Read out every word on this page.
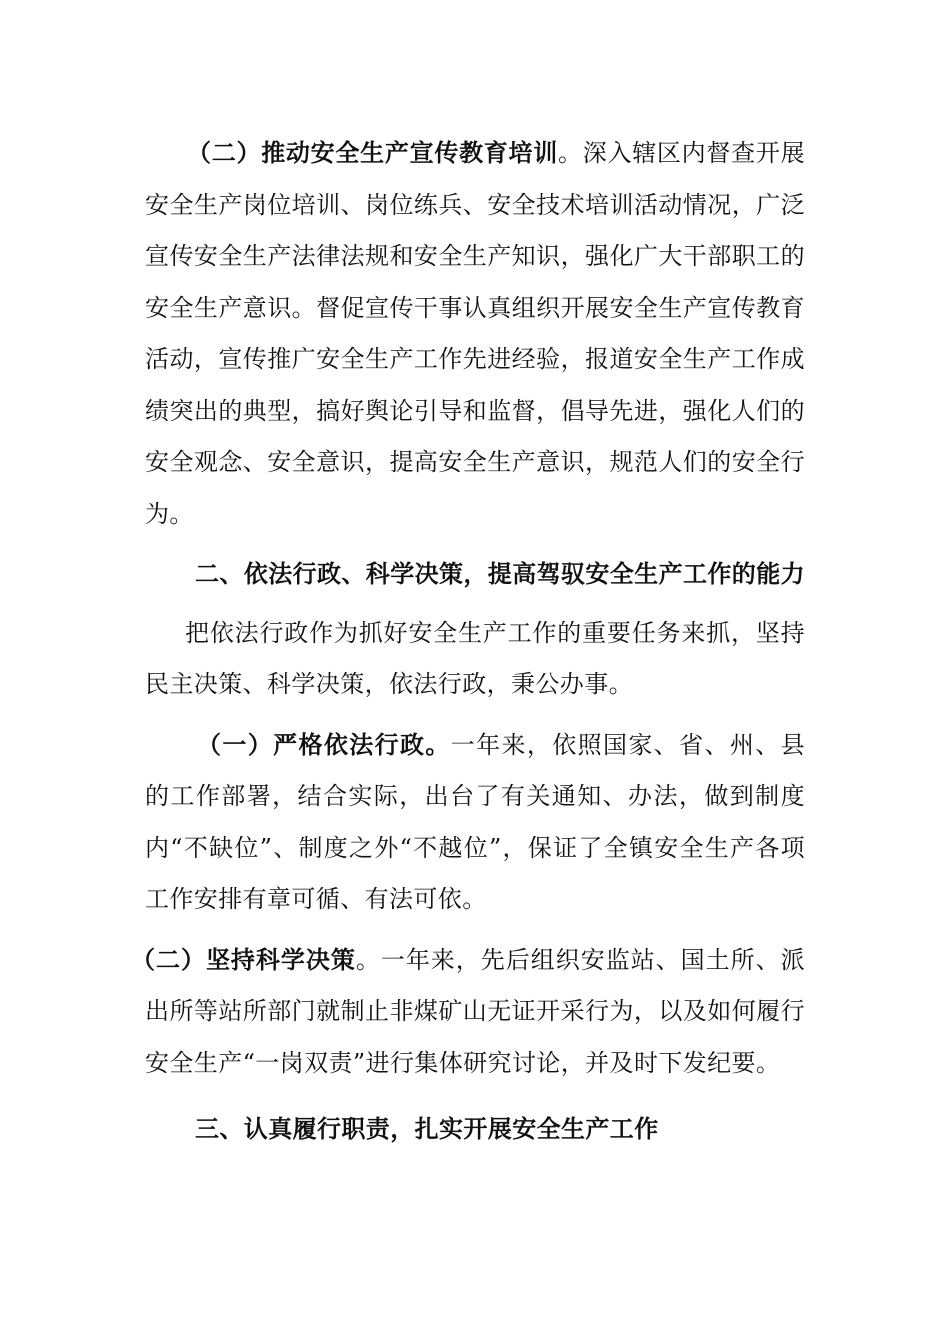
（二）推动安全生产宣传教育培训。深入辖区内督查开展安全生产岗位培训、岗位练兵、安全技术培训活动情况，广泛宣传安全生产法律法规和安全生产知识，强化广大干部职工的安全生产意识。督促宣传干事认真组织开展安全生产宣传教育活动，宣传推广安全生产工作先进经验，报道安全生产工作成绩突出的典型，搞好舆论引导和监督，倡导先进，强化人们的安全观念、安全意识，提高安全生产意识，规范人们的安全行为。

二、依法行政、科学决策，提高驾驭安全生产工作的能力

把依法行政作为抓好安全生产工作的重要任务来抓，坚持民主决策、科学决策，依法行政，秉公办事。

（一）严格依法行政。一年来，依照国家、省、州、县的工作部署，结合实际，出台了有关通知、办法，做到制度内“不缺位”、制度之外“不越位”，保证了全镇安全生产各项工作安排有章可循、有法可依。

（二）坚持科学决策。一年来，先后组织安监站、国土所、派出所等站所部门就制止非煤矿山无证开采行为，以及如何履行安全生产“一岗双责”进行集体研究讨论，并及时下发纪要。

三、认真履行职责，扎实开展安全生产工作
